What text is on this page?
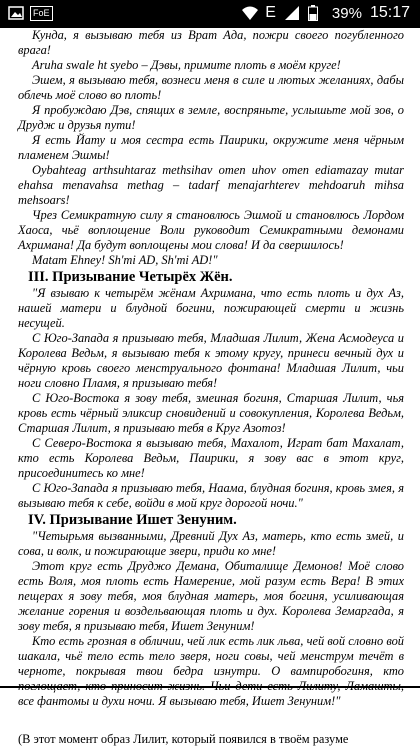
FoE	E	39% 15:17

Кунда, я вызываю тебя из Врат Ада, пожри своего погубленного врага!

Aruha swale ht syebo – Дэвы, примите плоть в моём круге!

Эшем, я вызываю тебя, вознеси меня в силе и лютых желаниях, дабы облечь моё слово во плоть!

Я пробуждаю Дэв, спящих в земле, воспряньте, услышьте мой зов, о Друдж и друзья пути!

Я есть Йату и моя сестра есть Паирики, окружите меня чёрным пламенем Эшмы!

Oybahteag arthsuhtaraz methsihav omen uhov omen ediamazay mutar ehahsa menavahsa methag – tadarf menajarhterev mehdoaruh mihsa mehsoars!

Чрез Семикратную силу я становлюсь Эшмой и становлюсь Лордом Хаоса, чьё воплощение Воли руководит Семикратными демонами Ахримана! Да будут воплощены мои слова! И да свершилось!

Matam Ehney! Sh'mi AD, Sh'mi AD!"

III. Призывание Четырёх Жён.

"Я взываю к четырём жёнам Ахримана, что есть плоть и дух Аз, нашей матери и блудной богини, пожирающей смерти и жизнь несущей.

С Юго-Запада я призываю тебя, Младшая Лилит, Жена Асмодеуса и Королева Ведьм, я вызываю тебя к этому кругу, принеси вечный дух и чёрную кровь своего менструального фонтана! Младшая Лилит, чьи ноги словно Пламя, я призываю тебя!

С Юго-Востока я зову тебя, змеиная богиня, Старшая Лилит, чья кровь есть чёрный эликсир сновидений и совокупления, Королева Ведьм, Старшая Лилит, я призываю тебя в Круг Азотоз!

С Северо-Востока я вызываю тебя, Махалот, Играт бат Махалат, кто есть Королева Ведьм, Паирики, я зову вас в этот круг, присоединитесь ко мне!

С Юго-Запада я призываю тебя, Наама, блудная богиня, кровь змея, я вызываю тебя к себе, войди в мой круг дорогой ночи."

IV. Призывание Ишет Зенуним.

"Четырьмя вызванными, Древний Дух Аз, матерь, кто есть змей, и сова, и волк, и пожирающие звери, приди ко мне!

Этот круг есть Друджо Демана, Обиталище Демонов! Моё слово есть Воля, моя плоть есть Намерение, мой разум есть Вера! В этих пещерах я зову тебя, моя блудная матерь, моя богиня, усиливающая желание горения и воздельвающая плоть и дух. Королева Земаргада, я зову тебя, я призываю тебя, Ишет Зенуним!

Кто есть грозная в обличии, чей лик есть лик льва, чей вой словно вой шакала, чьё тело есть тело зверя, ноги совы, чей менструм течёт в черноте, покрывая твои бедра изнутри. О вампиробогиня, кто все фантомы и духи ночи. Я вызываю тебя, Ишет Зенуним!"

(В этот момент образ Лилит, который появился в твоём разуме
